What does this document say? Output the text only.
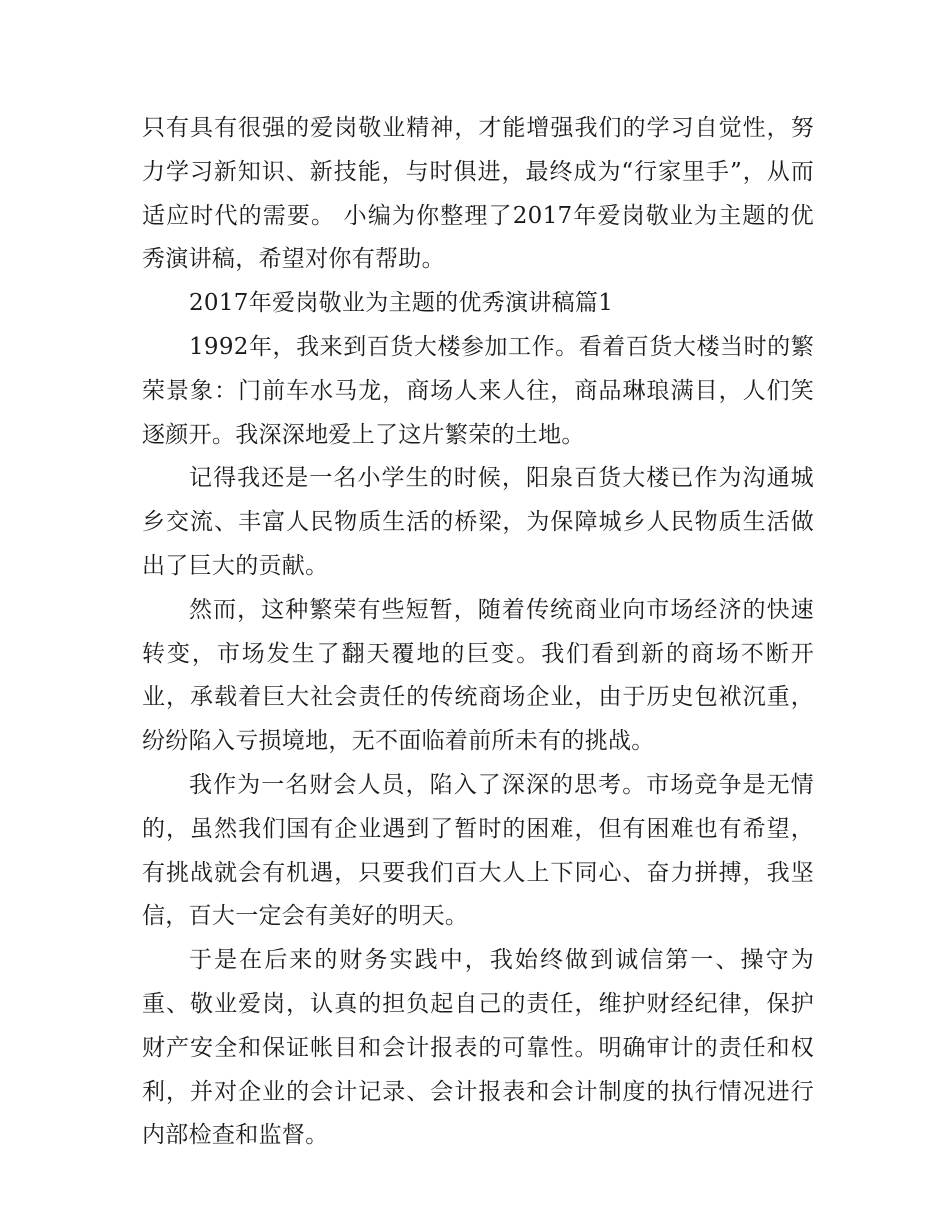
只有具有很强的爱岗敬业精神，才能增强我们的学习自觉性，努力学习新知识、新技能，与时俱进，最终成为“行家里手”，从而适应时代的需要。 小编为你整理了2017年爱岗敬业为主题的优秀演讲稿，希望对你有帮助。

2017年爱岗敬业为主题的优秀演讲稿篇1

1992年，我来到百货大楼参加工作。看着百货大楼当时的繁荣景象：门前车水马龙，商场人来人往，商品琳琅满目，人们笑逐颜开。我深深地爱上了这片繁荣的土地。

记得我还是一名小学生的时候，阳泉百货大楼已作为沟通城乡交流、丰富人民物质生活的桥梁，为保障城乡人民物质生活做出了巨大的贡献。

然而，这种繁荣有些短暂，随着传统商业向市场经济的快速转变，市场发生了翻天覆地的巨变。我们看到新的商场不断开业，承载着巨大社会责任的传统商场企业，由于历史包袱沉重，纷纷陷入亏损境地，无不面临着前所未有的挑战。

我作为一名财会人员，陷入了深深的思考。市场竞争是无情的，虽然我们国有企业遇到了暂时的困难，但有困难也有希望，有挑战就会有机遇，只要我们百大人上下同心、奋力拼搏，我坚信，百大一定会有美好的明天。

于是在后来的财务实践中，我始终做到诚信第一、操守为重、敬业爱岗，认真的担负起自己的责任，维护财经纪律，保护财产安全和保证帐目和会计报表的可靠性。明确审计的责任和权利，并对企业的会计记录、会计报表和会计制度的执行情况进行内部检查和监督。
